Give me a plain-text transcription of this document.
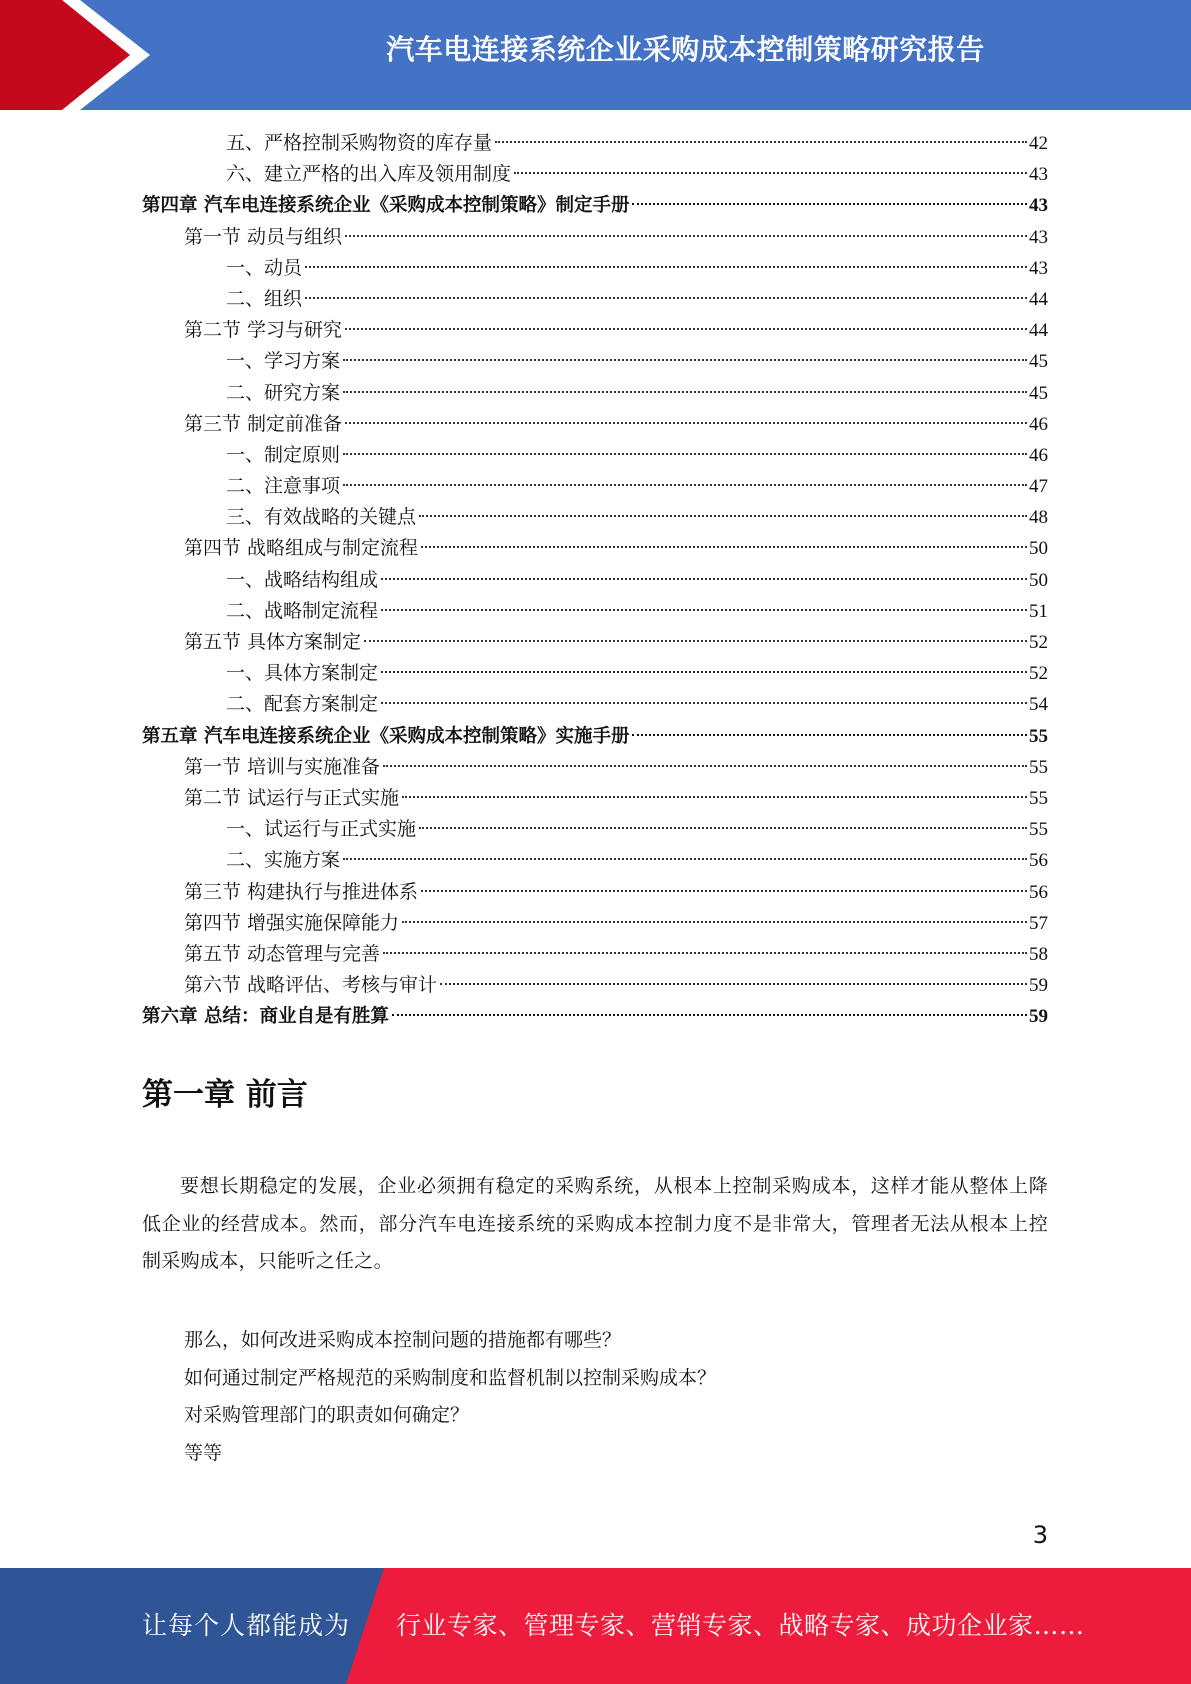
汽车电连接系统企业采购成本控制策略研究报告
五、严格控制采购物资的库存量	42
六、建立严格的出入库及领用制度	43
第四章 汽车电连接系统企业《采购成本控制策略》制定手册	43
第一节 动员与组织	43
一、动员	43
二、组织	44
第二节 学习与研究	44
一、学习方案	45
二、研究方案	45
第三节 制定前准备	46
一、制定原则	46
二、注意事项	47
三、有效战略的关键点	48
第四节 战略组成与制定流程	50
一、战略结构组成	50
二、战略制定流程	51
第五节 具体方案制定	52
一、具体方案制定	52
二、配套方案制定	54
第五章 汽车电连接系统企业《采购成本控制策略》实施手册	55
第一节 培训与实施准备	55
第二节 试运行与正式实施	55
一、试运行与正式实施	55
二、实施方案	56
第三节 构建执行与推进体系	56
第四节 增强实施保障能力	57
第五节 动态管理与完善	58
第六节 战略评估、考核与审计	59
第六章 总结：商业自是有胜算	59
第一章 前言

要想长期稳定的发展，企业必须拥有稳定的采购系统，从根本上控制采购成本，这样才能从整体上降低企业的经营成本。然而，部分汽车电连接系统的采购成本控制力度不是非常大，管理者无法从根本上控制采购成本，只能听之任之。

那么，如何改进采购成本控制问题的措施都有哪些？
如何通过制定严格规范的采购制度和监督机制以控制采购成本？
对采购管理部门的职责如何确定？
等等
3
让每个人都能成为 行业专家、管理专家、营销专家、战略专家、成功企业家……
